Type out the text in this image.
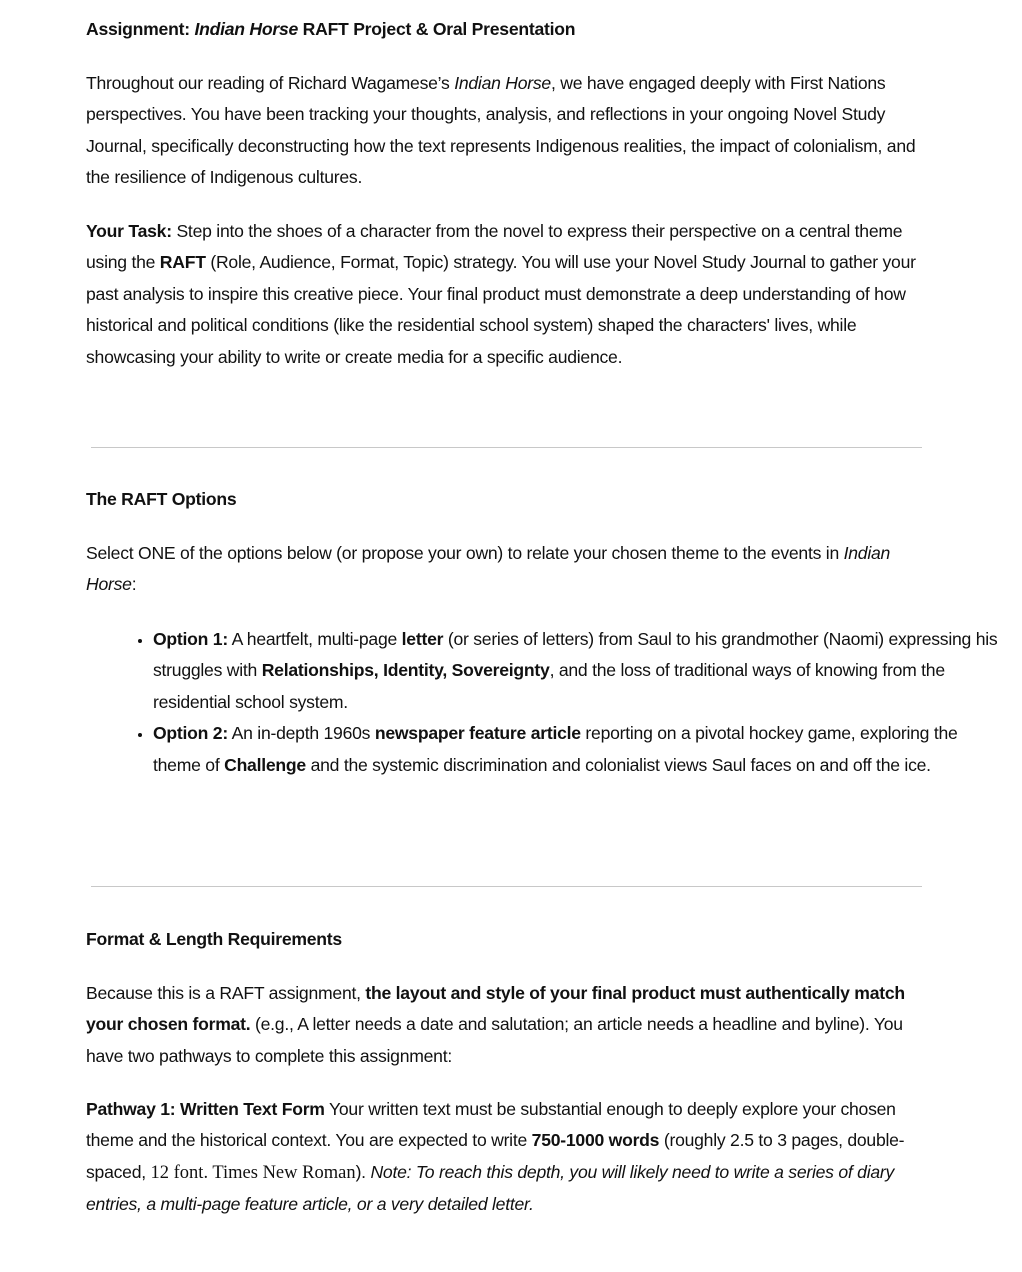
Assignment: Indian Horse RAFT Project & Oral Presentation
Throughout our reading of Richard Wagamese’s Indian Horse, we have engaged deeply with First Nations perspectives. You have been tracking your thoughts, analysis, and reflections in your ongoing Novel Study Journal, specifically deconstructing how the text represents Indigenous realities, the impact of colonialism, and the resilience of Indigenous cultures.
Your Task: Step into the shoes of a character from the novel to express their perspective on a central theme using the RAFT (Role, Audience, Format, Topic) strategy. You will use your Novel Study Journal to gather your past analysis to inspire this creative piece. Your final product must demonstrate a deep understanding of how historical and political conditions (like the residential school system) shaped the characters' lives, while showcasing your ability to write or create media for a specific audience.
The RAFT Options
Select ONE of the options below (or propose your own) to relate your chosen theme to the events in Indian Horse:
• Option 1: A heartfelt, multi-page letter (or series of letters) from Saul to his grandmother (Naomi) expressing his struggles with Relationships, Identity, Sovereignty, and the loss of traditional ways of knowing from the residential school system.
• Option 2: An in-depth 1960s newspaper feature article reporting on a pivotal hockey game, exploring the theme of Challenge and the systemic discrimination and colonialist views Saul faces on and off the ice.
Format & Length Requirements
Because this is a RAFT assignment, the layout and style of your final product must authentically match your chosen format. (e.g., A letter needs a date and salutation; an article needs a headline and byline). You have two pathways to complete this assignment:
Pathway 1: Written Text Form Your written text must be substantial enough to deeply explore your chosen theme and the historical context. You are expected to write 750-1000 words (roughly 2.5 to 3 pages, double-spaced, 12 font. Times New Roman). Note: To reach this depth, you will likely need to write a series of diary entries, a multi-page feature article, or a very detailed letter.
